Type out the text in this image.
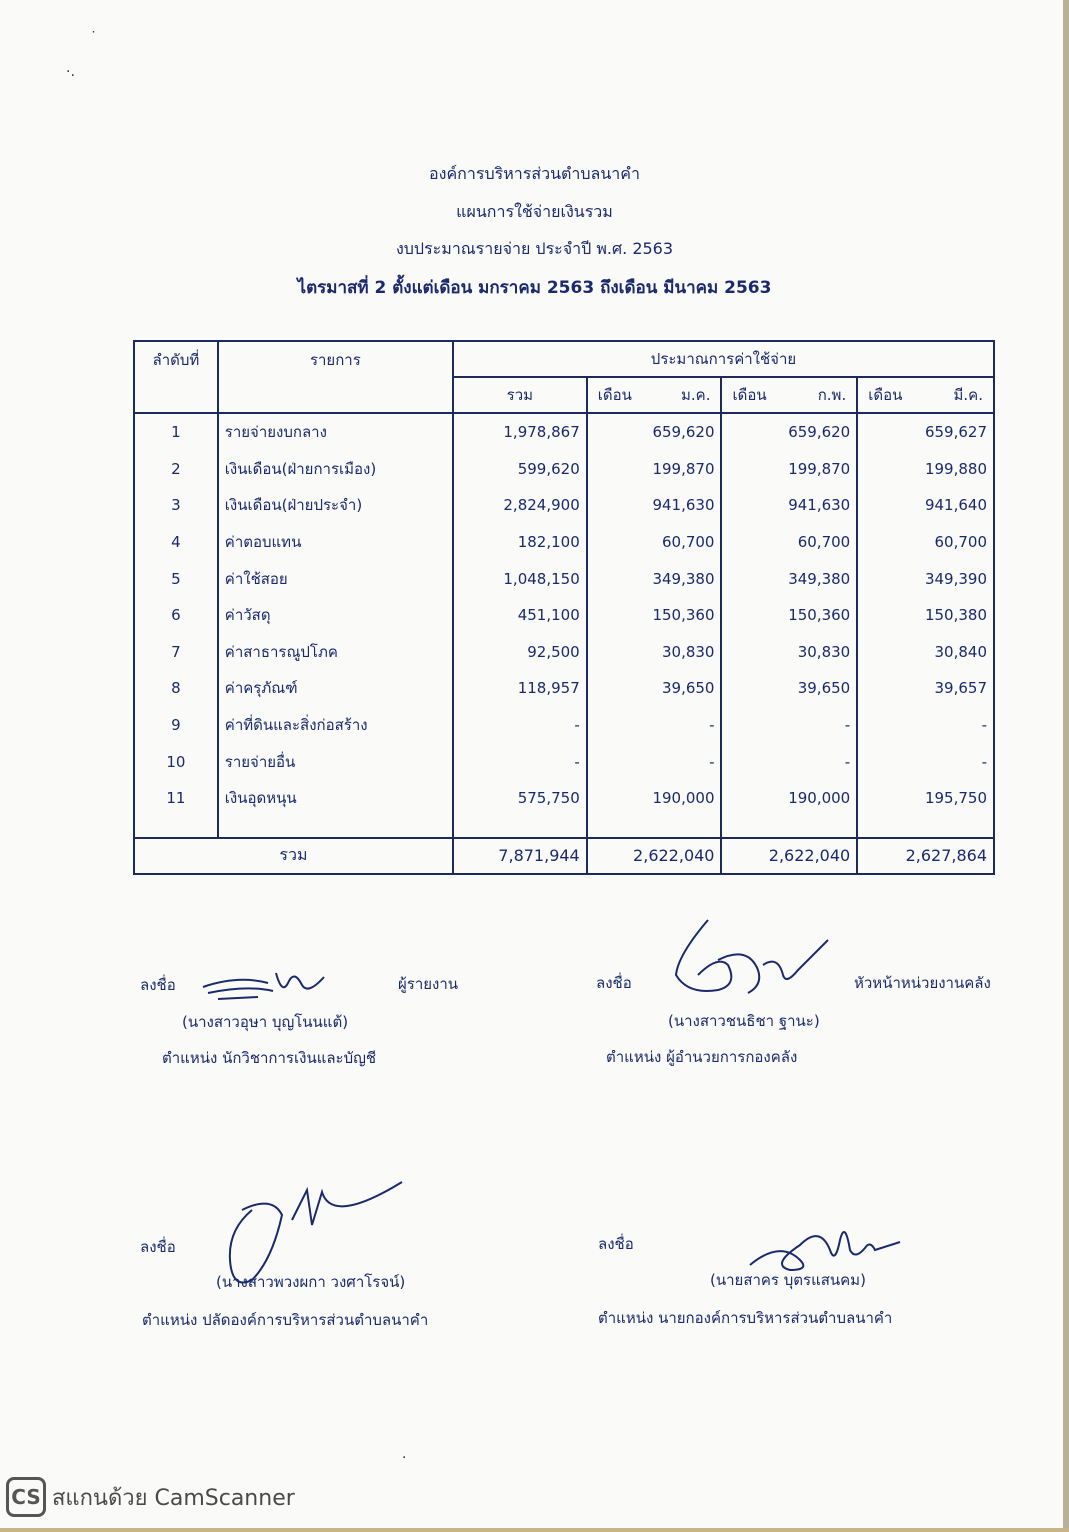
˙
·.
องค์การบริหารส่วนตำบลนาคำ
แผนการใช้จ่ายเงินรวม
งบประมาณรายจ่าย ประจำปี พ.ศ. 2563
ไตรมาสที่ 2 ตั้งแต่เดือน มกราคม 2563 ถึงเดือน มีนาคม 2563
ลำดับที่	รายการ	ประมาณการค่าใช้จ่าย			
		รวม	เดือน ม.ค.	เดือน ก.พ.	เดือน มี.ค.

1	รายจ่ายงบกลาง	1,978,867	659,620	659,620	659,627
2	เงินเดือน(ฝ่ายการเมือง)	599,620	199,870	199,870	199,880
3	เงินเดือน(ฝ่ายประจำ)	2,824,900	941,630	941,630	941,640
4	ค่าตอบแทน	182,100	60,700	60,700	60,700
5	ค่าใช้สอย	1,048,150	349,380	349,380	349,390
6	ค่าวัสดุ	451,100	150,360	150,360	150,380
7	ค่าสาธารณูปโภค	92,500	30,830	30,830	30,840
8	ค่าครุภัณฑ์	118,957	39,650	39,650	39,657
9	ค่าที่ดินและสิ่งก่อสร้าง	-	-	-	-
10	รายจ่ายอื่น	-	-	-	-
11	เงินอุดหนุน	575,750	190,000	190,000	195,750

รวม		7,871,944	2,622,040	2,622,040	2,627,864
ลงชื่อ	ผู้รายงาน
(นางสาวอุษา บุญโนนแต้)
ตำแหน่ง นักวิชาการเงินและบัญชี
ลงชื่อ	หัวหน้าหน่วยงานคลัง
(นางสาวชนธิชา ฐานะ)
ตำแหน่ง ผู้อำนวยการกองคลัง
ลงชื่อ
(นางสาวพวงผกา วงศาโรจน์)
ตำแหน่ง ปลัดองค์การบริหารส่วนตำบลนาคำ
ลงชื่อ
(นายสาคร บุตรแสนคม)
ตำแหน่ง นายกองค์การบริหารส่วนตำบลนาคำ
·
CS สแกนด้วย CamScanner
